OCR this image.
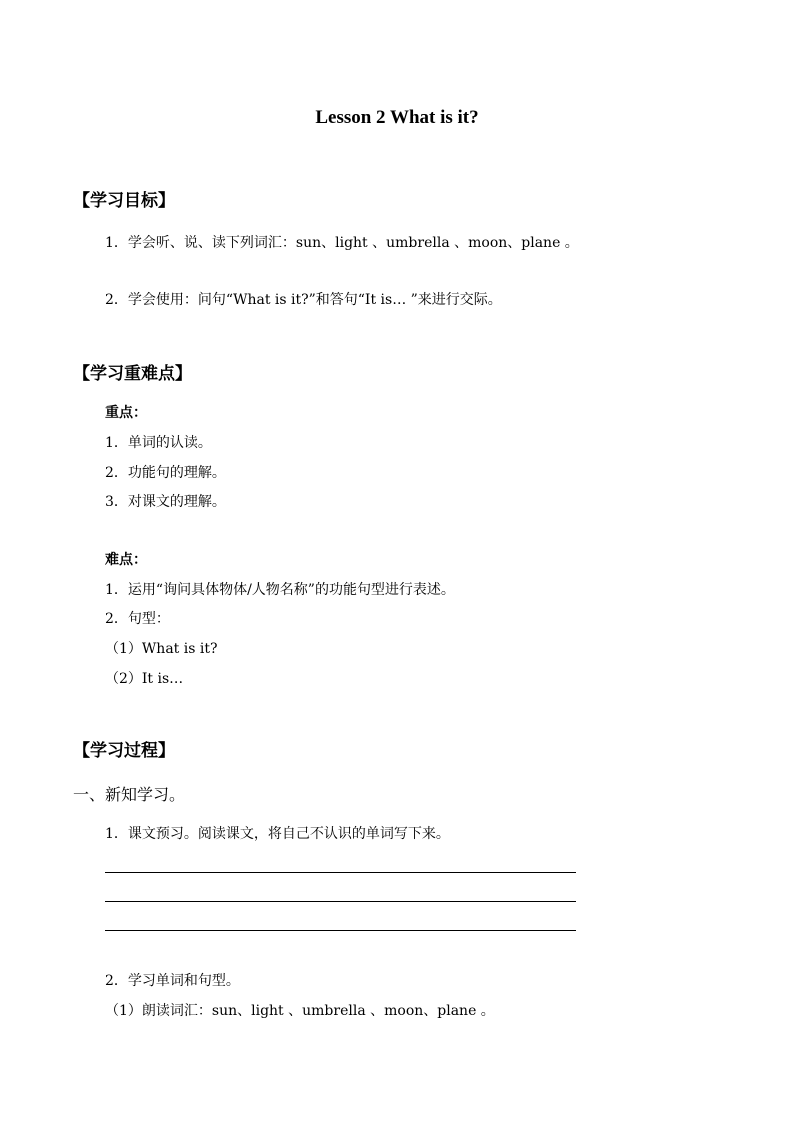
Lesson 2 What is it?
【学习目标】
1．学会听、说、读下列词汇：sun、light 、umbrella 、moon、plane 。
2．学会使用：问句“What is it?”和答句“It is… ”来进行交际。
【学习重难点】
重点：
1．单词的认读。
2．功能句的理解。
3．对课文的理解。
难点：
1．运用“询问具体物体/人物名称”的功能句型进行表述。
2．句型：
（1）What is it?
（2）It is…
【学习过程】
一、新知学习。
1．课文预习。阅读课文，将自己不认识的单词写下来。
2．学习单词和句型。
（1）朗读词汇：sun、light 、umbrella 、moon、plane 。
